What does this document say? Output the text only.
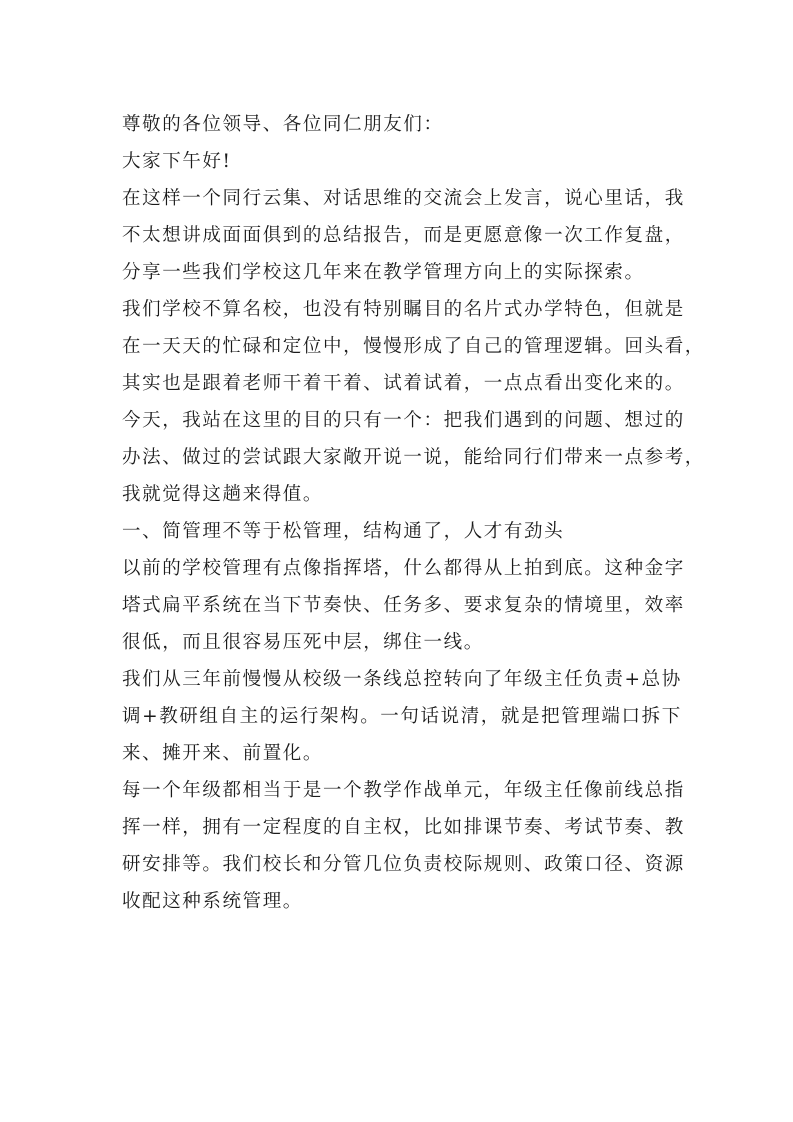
尊敬的各位领导、各位同仁朋友们：
大家下午好!
在这样一个同行云集、对话思维的交流会上发言，说心里话，我
不太想讲成面面俱到的总结报告，而是更愿意像一次工作复盘，
分享一些我们学校这几年来在教学管理方向上的实际探索。
我们学校不算名校，也没有特别瞩目的名片式办学特色，但就是
在一天天的忙碌和定位中，慢慢形成了自己的管理逻辑。回头看，
其实也是跟着老师干着干着、试着试着，一点点看出变化来的。
今天，我站在这里的目的只有一个：把我们遇到的问题、想过的
办法、做过的尝试跟大家敞开说一说，能给同行们带来一点参考，
我就觉得这趟来得值。
一、简管理不等于松管理，结构通了，人才有劲头
以前的学校管理有点像指挥塔，什么都得从上拍到底。这种金字
塔式扁平系统在当下节奏快、任务多、要求复杂的情境里，效率
很低，而且很容易压死中层，绑住一线。
我们从三年前慢慢从校级一条线总控转向了年级主任负责+总协
调+教研组自主的运行架构。一句话说清，就是把管理端口拆下
来、摊开来、前置化。
每一个年级都相当于是一个教学作战单元，年级主任像前线总指
挥一样，拥有一定程度的自主权，比如排课节奏、考试节奏、教
研安排等。我们校长和分管几位负责校际规则、政策口径、资源
收配这种系统管理。
